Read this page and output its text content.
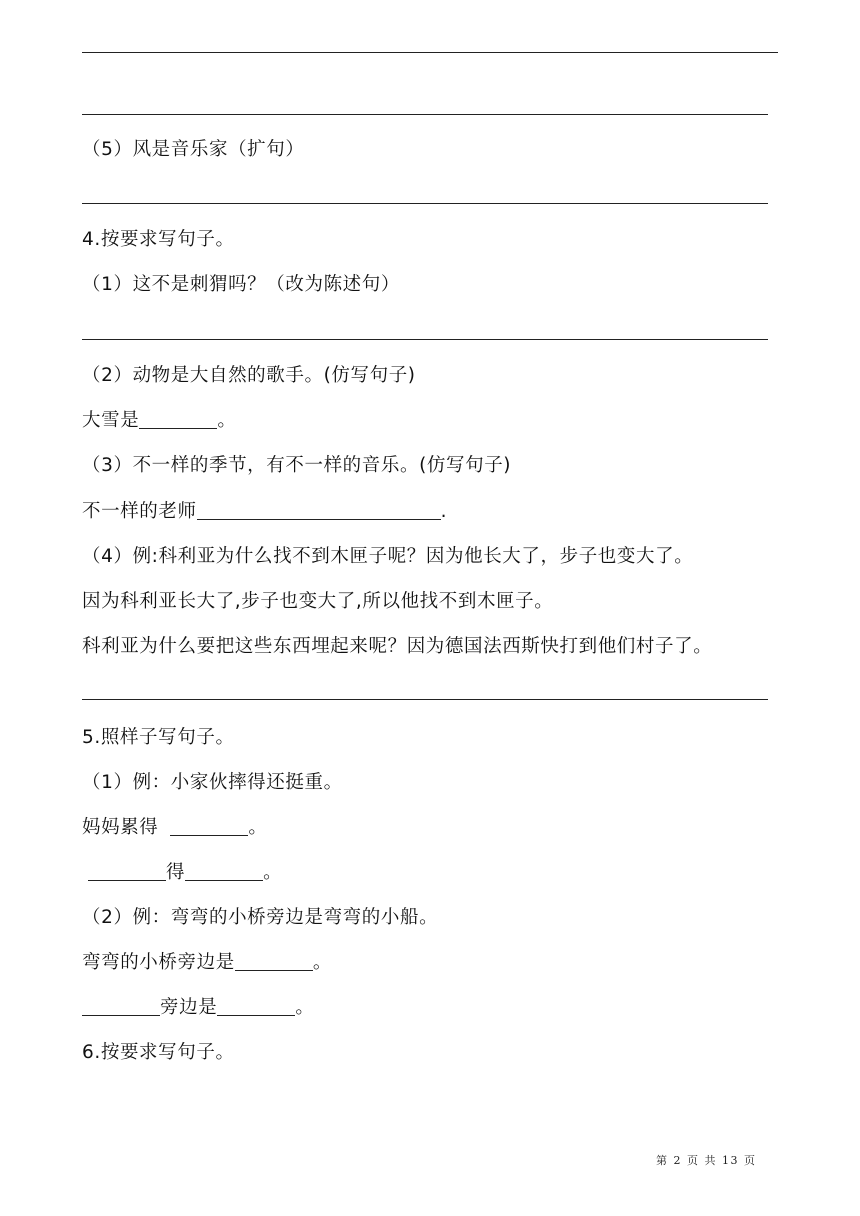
（5）风是音乐家（扩句）
4.按要求写句子。
（1）这不是刺猬吗？（改为陈述句）
（2）动物是大自然的歌手。(仿写句子)
大雪是	。
（3）不一样的季节，有不一样的音乐。(仿写句子)
不一样的老师	.
（4）例:科利亚为什么找不到木匣子呢？因为他长大了，步子也变大了。
因为科利亚长大了,步子也变大了,所以他找不到木匣子。
科利亚为什么要把这些东西埋起来呢？因为德国法西斯快打到他们村子了。
5.照样子写句子。
（1）例：小家伙摔得还挺重。
妈妈累得	。
得	。
（2）例：弯弯的小桥旁边是弯弯的小船。
弯弯的小桥旁边是	。
旁边是	。
6.按要求写句子。
第 2 页 共 13 页
